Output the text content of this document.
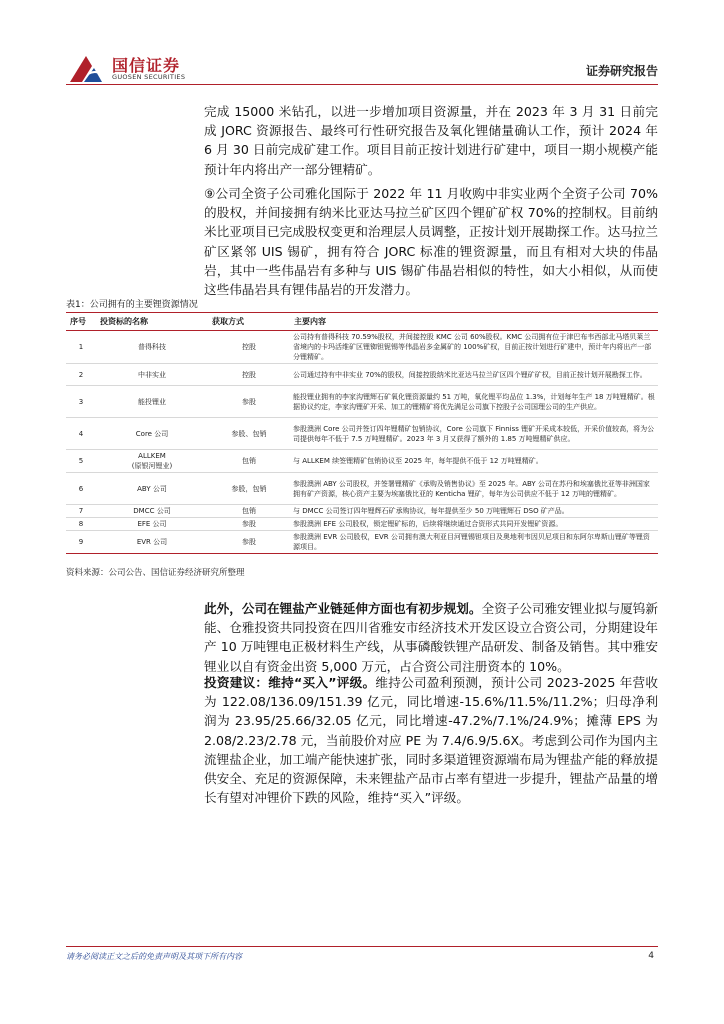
国信证券
GUOSEN SECURITIES	证券研究报告

完成 15000 米钻孔，以进一步增加项目资源量，并在 2023 年 3 月 31 日前完成 JORC 资源报告、最终可行性研究报告及氧化锂储量确认工作，预计 2024 年 6 月 30 日前完成矿建工作。项目目前正按计划进行矿建中，项目一期小规模产能预计年内将出产一部分锂精矿。

⑨公司全资子公司雅化国际于 2022 年 11 月收购中非实业两个全资子公司 70%的股权，并间接拥有纳米比亚达马拉兰矿区四个锂矿矿权 70%的控制权。目前纳米比亚项目已完成股权变更和治理层人员调整，正按计划开展勘探工作。达马拉兰矿区紧邻 UIS 锡矿，拥有符合 JORC 标准的锂资源量，而且有相对大块的伟晶岩，其中一些伟晶岩有多种与 UIS 锡矿伟晶岩相似的特性，如大小相似，从而使这些伟晶岩具有锂伟晶岩的开发潜力。

表1：公司拥有的主要锂资源情况
序号	投资标的名称	获取方式	主要内容
1	普得科技	控股	公司持有普得科技 70.59%股权，并间接控股 KMC 公司 60%股权。KMC 公司拥有位于津巴布韦西部北马塔贝莱兰省境内的卡玛活维矿区锂铷钽铌锡等伟晶岩多金属矿的 100%矿权，目前正按计划进行矿建中，预计年内将出产一部分锂精矿。
2	中非实业	控股	公司通过持有中非实业 70%的股权，间接控股纳米比亚达马拉兰矿区四个锂矿矿权，目前正按计划开展勘探工作。
3	能投锂业	参股	能投锂业拥有的李家沟锂辉石矿氧化锂资源量约 51 万吨，氧化锂平均品位 1.3%，计划每年生产 18 万吨锂精矿。根据协议约定，李家沟锂矿开采、加工的锂精矿将优先满足公司旗下控股子公司国理公司的生产供应。
4	Core 公司	参股、包销	参股澳洲 Core 公司并签订四年锂精矿包销协议，Core 公司旗下 Finniss 锂矿开采成本较低，开采价值较高，将为公司提供每年不低于 7.5 万吨锂精矿。2023 年 3 月又获得了额外的 1.85 万吨锂精矿供应。
5	ALLKEM
(原银河锂业)	包销	与 ALLKEM 续签锂精矿包销协议至 2025 年，每年提供不低于 12 万吨锂精矿。
6	ABY 公司	参股，包销	参股澳洲 ABY 公司股权，并签署锂精矿《承购及销售协议》至 2025 年。ABY 公司在苏丹和埃塞俄比亚等非洲国家拥有矿产资源，核心资产主要为埃塞俄比亚的 Kenticha 锂矿，每年为公司供应不低于 12 万吨的锂精矿。
7	DMCC 公司	包销	与 DMCC 公司签订四年锂辉石矿承购协议，每年提供至少 50 万吨锂辉石 DSO 矿产品。
8	EFE 公司	参股	参股澳洲 EFE 公司股权，锁定锂矿标的，后续将继续通过合资形式共同开发锂矿资源。
9	EVR 公司	参股	参股澳洲 EVR 公司股权，EVR 公司拥有澳大利亚目河锂锡钽项目及奥地利韦因贝尼项目和东阿尔卑斯山锂矿等锂资源项目。
资料来源：公司公告、国信证券经济研究所整理

此外，公司在锂盐产业链延伸方面也有初步规划。全资子公司雅安锂业拟与厦钨新能、仓雅投资共同投资在四川省雅安市经济技术开发区设立合资公司，分期建设年产 10 万吨锂电正极材料生产线，从事磷酸铁锂产品研发、制备及销售。其中雅安锂业以自有资金出资 5,000 万元，占合资公司注册资本的 10%。

投资建议：维持“买入”评级。维持公司盈利预测，预计公司 2023-2025 年营收为 122.08/136.09/151.39 亿元，同比增速-15.6%/11.5%/11.2%；归母净利润为 23.95/25.66/32.05 亿元，同比增速-47.2%/7.1%/24.9%；摊薄 EPS 为 2.08/2.23/2.78 元，当前股价对应 PE 为 7.4/6.9/5.6X。考虑到公司作为国内主流锂盐企业，加工端产能快速扩张，同时多渠道锂资源端布局为锂盐产能的释放提供安全、充足的资源保障，未来锂盐产品市占率有望进一步提升，锂盐产品量的增长有望对冲锂价下跌的风险，维持“买入”评级。

请务必阅读正文之后的免责声明及其项下所有内容	4
